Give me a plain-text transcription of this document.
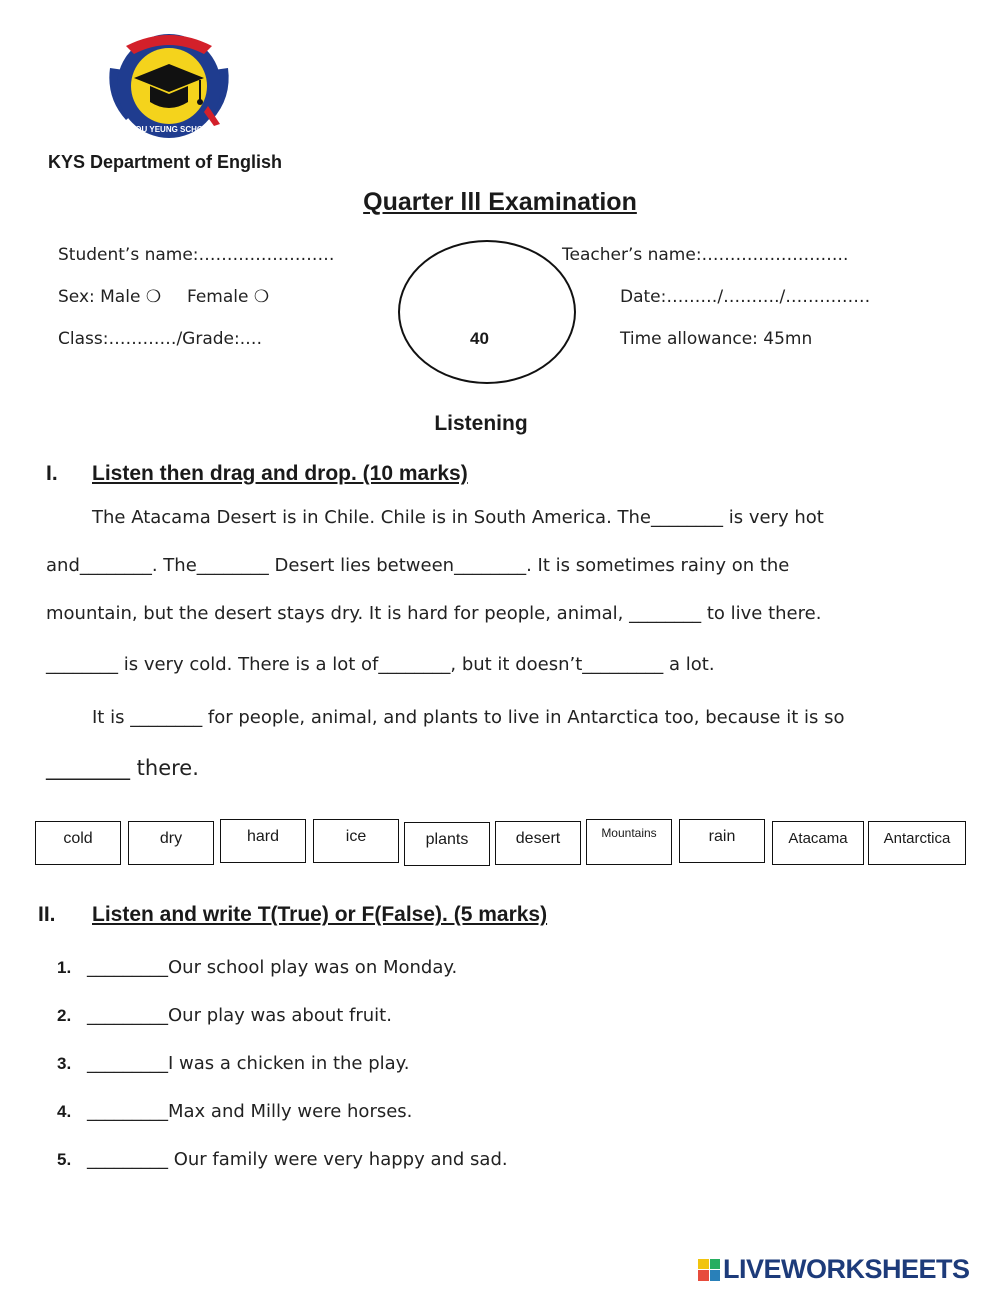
KROU YEUNG SCHOOL
KYS Department of English
Quarter lll Examination
Student’s name:……………………	Teacher’s name:……………………..
Sex: Male ❍ Female ❍	Date:………/………./……………
Class:…………/Grade:.…	Time allowance: 45mn
40
Listening
I. Listen then drag and drop. (10 marks)
The Atacama Desert is in Chile. Chile is in South America. The________ is very hot
and________. The________ Desert lies between________. It is sometimes rainy on the
mountain, but the desert stays dry. It is hard for people, animal, ________ to live there.
________ is very cold. There is a lot of________, but it doesn’t_________ a lot.
It is ________ for people, animal, and plants to live in Antarctica too, because it is so
________ there.
cold	dry	hard	ice	plants	desert	Mountains	rain	Atacama	Antarctica
II. Listen and write T(True) or F(False). (5 marks)
1. _________Our school play was on Monday.
2. _________Our play was about fruit.
3. _________I was a chicken in the play.
4. _________Max and Milly were horses.
5. _________ Our family were very happy and sad.
LIVEWORKSHEETS
